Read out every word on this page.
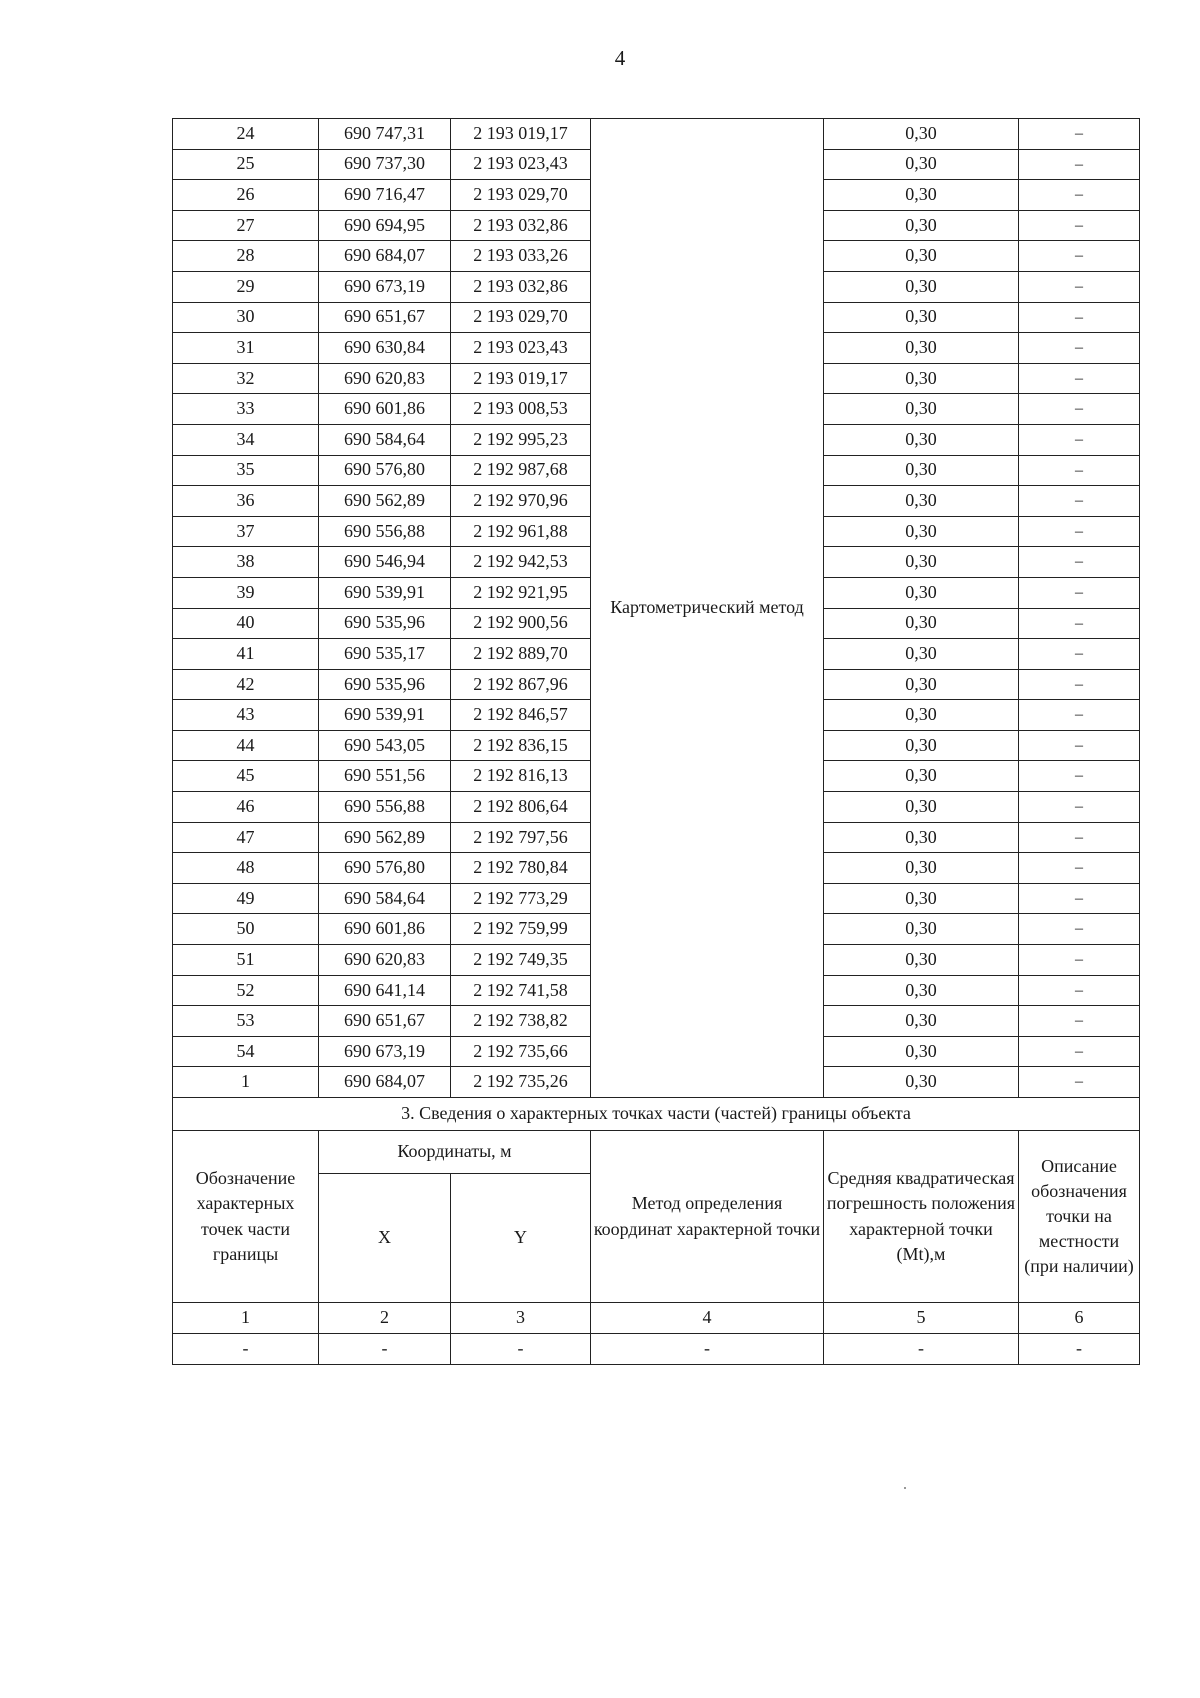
4
24	690 747,31	2 193 019,17	Картометрический метод	0,30	–
25	690 737,30	2 193 023,43		0,30	–
26	690 716,47	2 193 029,70		0,30	–
27	690 694,95	2 193 032,86		0,30	–
28	690 684,07	2 193 033,26		0,30	–
29	690 673,19	2 193 032,86		0,30	–
30	690 651,67	2 193 029,70		0,30	–
31	690 630,84	2 193 023,43		0,30	–
32	690 620,83	2 193 019,17		0,30	–
33	690 601,86	2 193 008,53		0,30	–
34	690 584,64	2 192 995,23		0,30	–
35	690 576,80	2 192 987,68		0,30	–
36	690 562,89	2 192 970,96		0,30	–
37	690 556,88	2 192 961,88		0,30	–
38	690 546,94	2 192 942,53		0,30	–
39	690 539,91	2 192 921,95		0,30	–
40	690 535,96	2 192 900,56		0,30	–
41	690 535,17	2 192 889,70		0,30	–
42	690 535,96	2 192 867,96		0,30	–
43	690 539,91	2 192 846,57		0,30	–
44	690 543,05	2 192 836,15		0,30	–
45	690 551,56	2 192 816,13		0,30	–
46	690 556,88	2 192 806,64		0,30	–
47	690 562,89	2 192 797,56		0,30	–
48	690 576,80	2 192 780,84		0,30	–
49	690 584,64	2 192 773,29		0,30	–
50	690 601,86	2 192 759,99		0,30	–
51	690 620,83	2 192 749,35		0,30	–
52	690 641,14	2 192 741,58		0,30	–
53	690 651,67	2 192 738,82		0,30	–
54	690 673,19	2 192 735,66		0,30	–
1	690 684,07	2 192 735,26		0,30	–
3. Сведения о характерных точках части (частей) границы объекта					
Обозначение характерных точек части границы	Координаты, м		Метод определения координат характерной точки	Средняя квадратическая погрешность положения характерной точки (Mt),м	Описание обозначения точки на местности (при наличии)
	X	Y			
1	2	3	4	5	6
-	-	-	-	-	-
